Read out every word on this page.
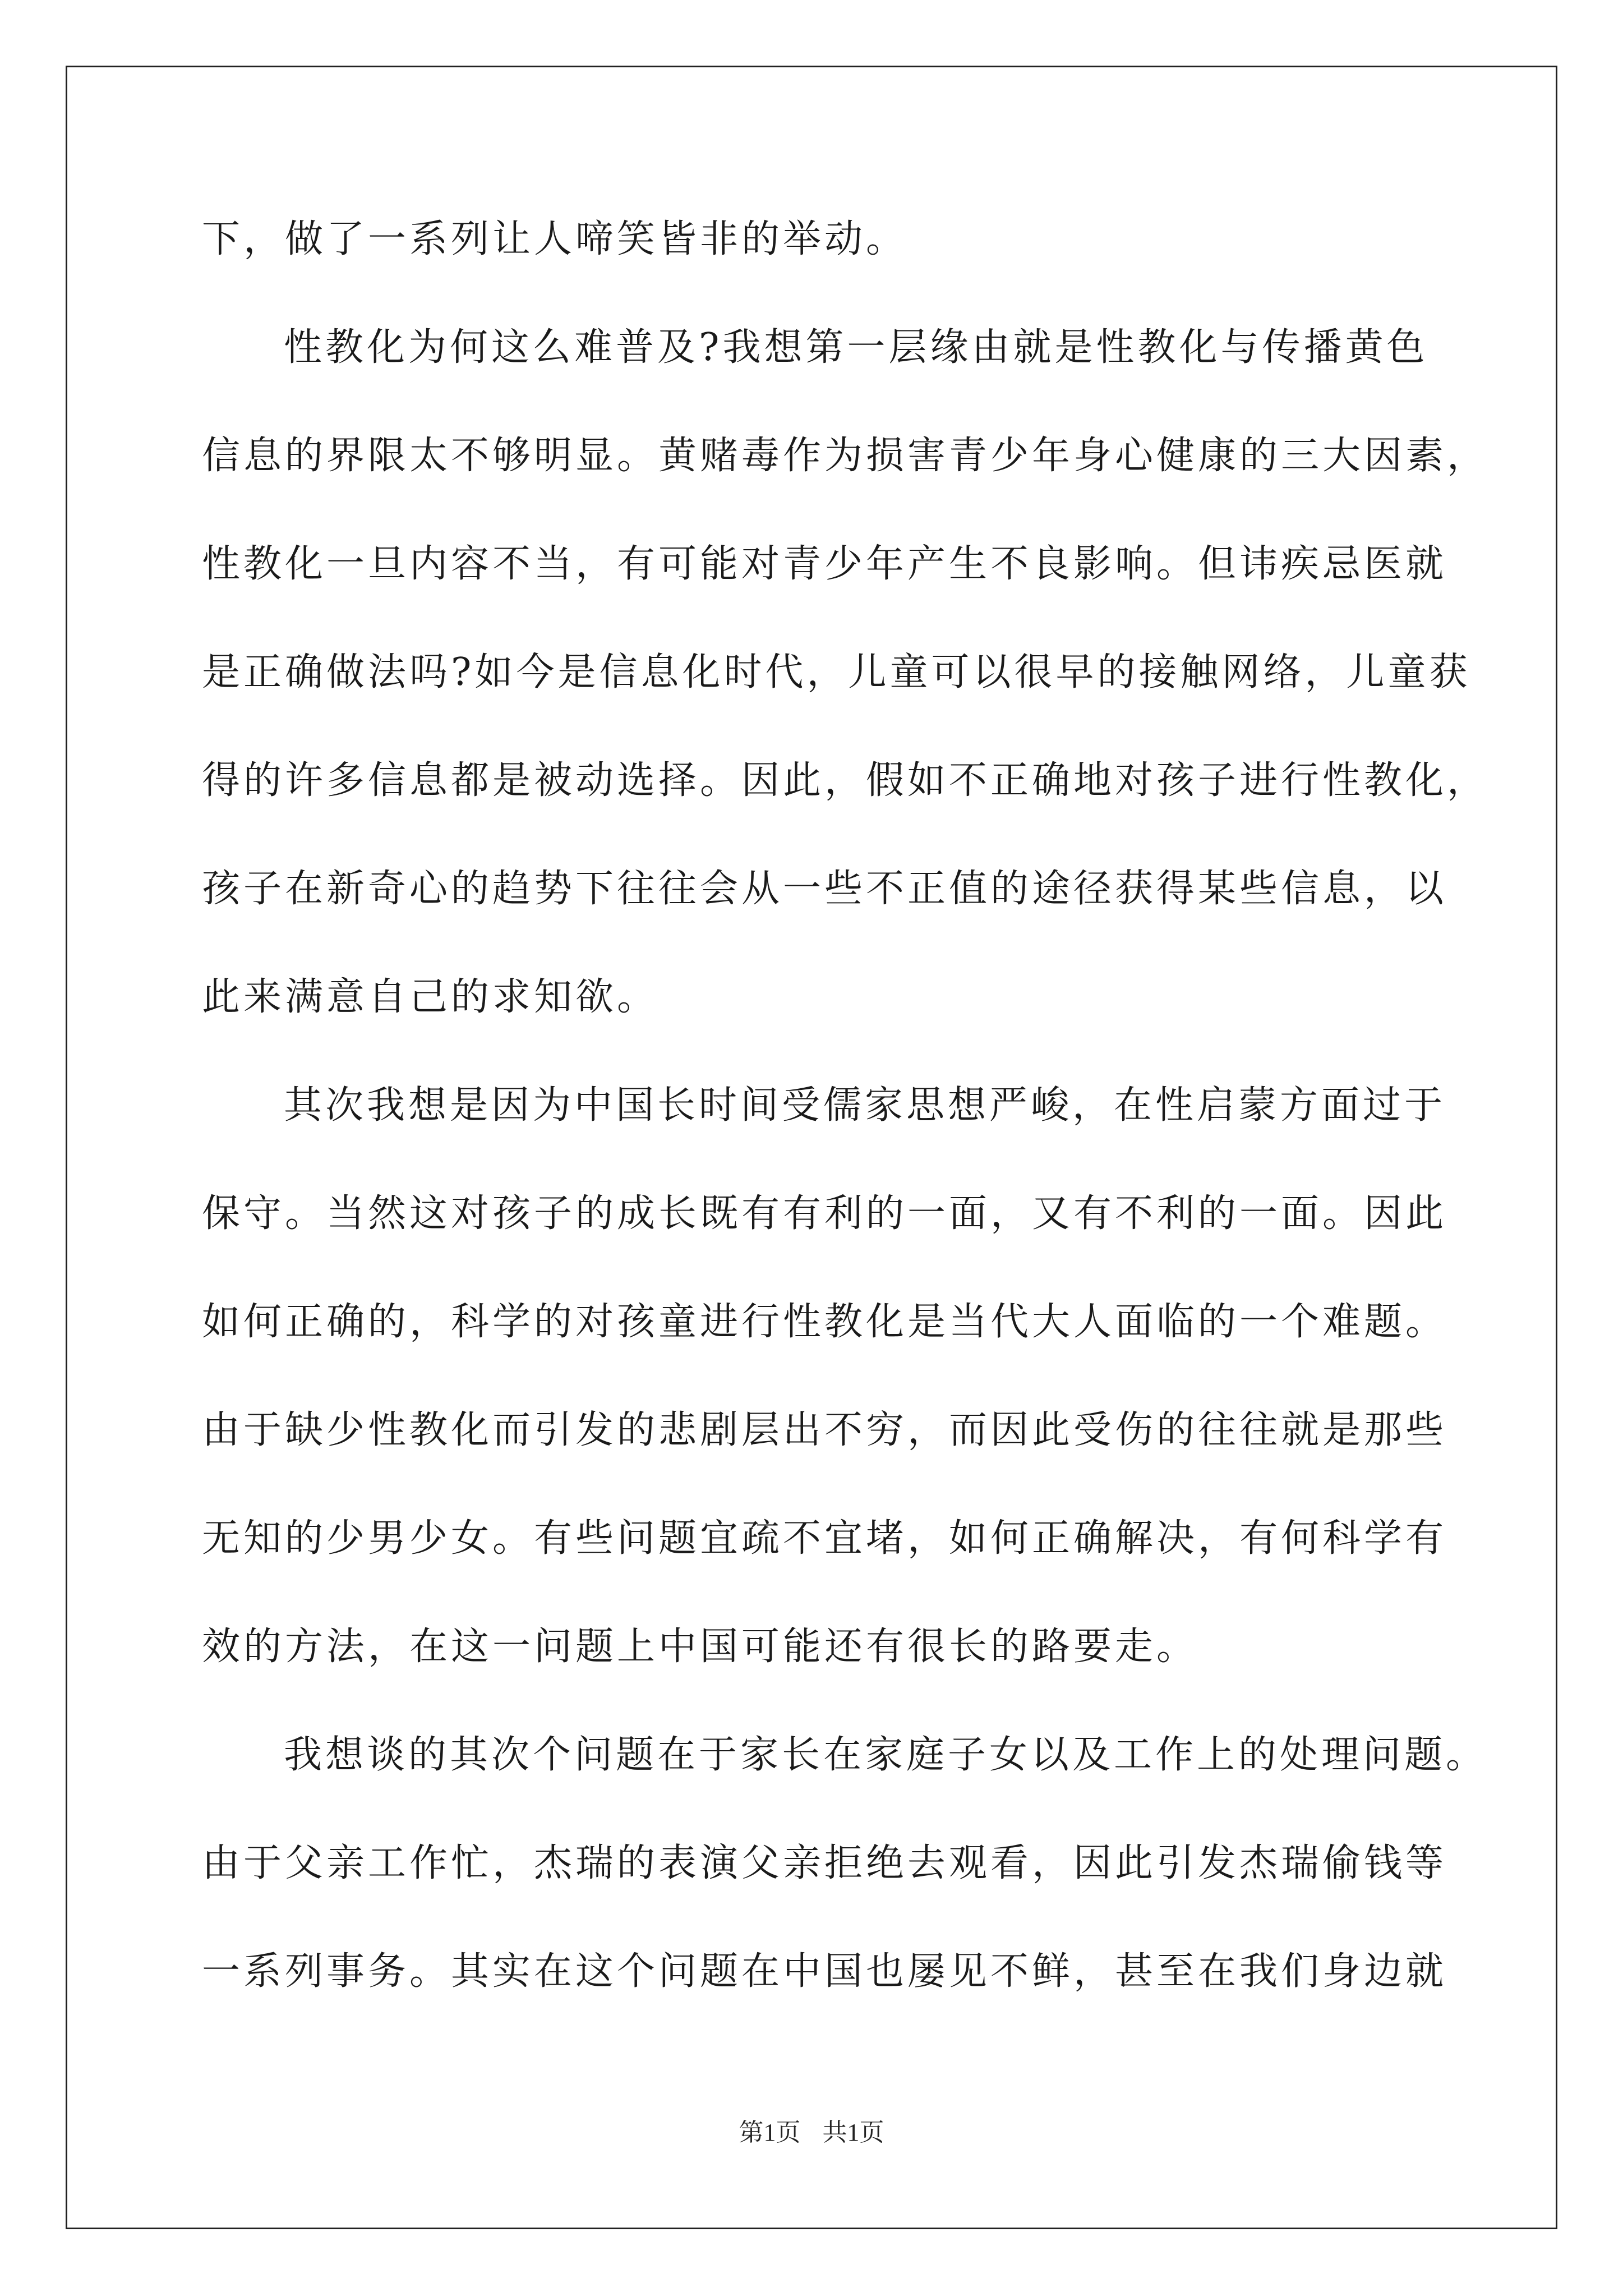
下，做了一系列让人啼笑皆非的举动。
性教化为何这么难普及?我想第一层缘由就是性教化与传播黄色
信息的界限太不够明显。黄赌毒作为损害青少年身心健康的三大因素，
性教化一旦内容不当，有可能对青少年产生不良影响。但讳疾忌医就
是正确做法吗?如今是信息化时代，儿童可以很早的接触网络，儿童获
得的许多信息都是被动选择。因此，假如不正确地对孩子进行性教化，
孩子在新奇心的趋势下往往会从一些不正值的途径获得某些信息，以
此来满意自己的求知欲。
其次我想是因为中国长时间受儒家思想严峻，在性启蒙方面过于
保守。当然这对孩子的成长既有有利的一面，又有不利的一面。因此
如何正确的，科学的对孩童进行性教化是当代大人面临的一个难题。
由于缺少性教化而引发的悲剧层出不穷，而因此受伤的往往就是那些
无知的少男少女。有些问题宜疏不宜堵，如何正确解决，有何科学有
效的方法，在这一问题上中国可能还有很长的路要走。
我想谈的其次个问题在于家长在家庭子女以及工作上的处理问题。
由于父亲工作忙，杰瑞的表演父亲拒绝去观看，因此引发杰瑞偷钱等
一系列事务。其实在这个问题在中国也屡见不鲜，甚至在我们身边就
第1页 共1页
